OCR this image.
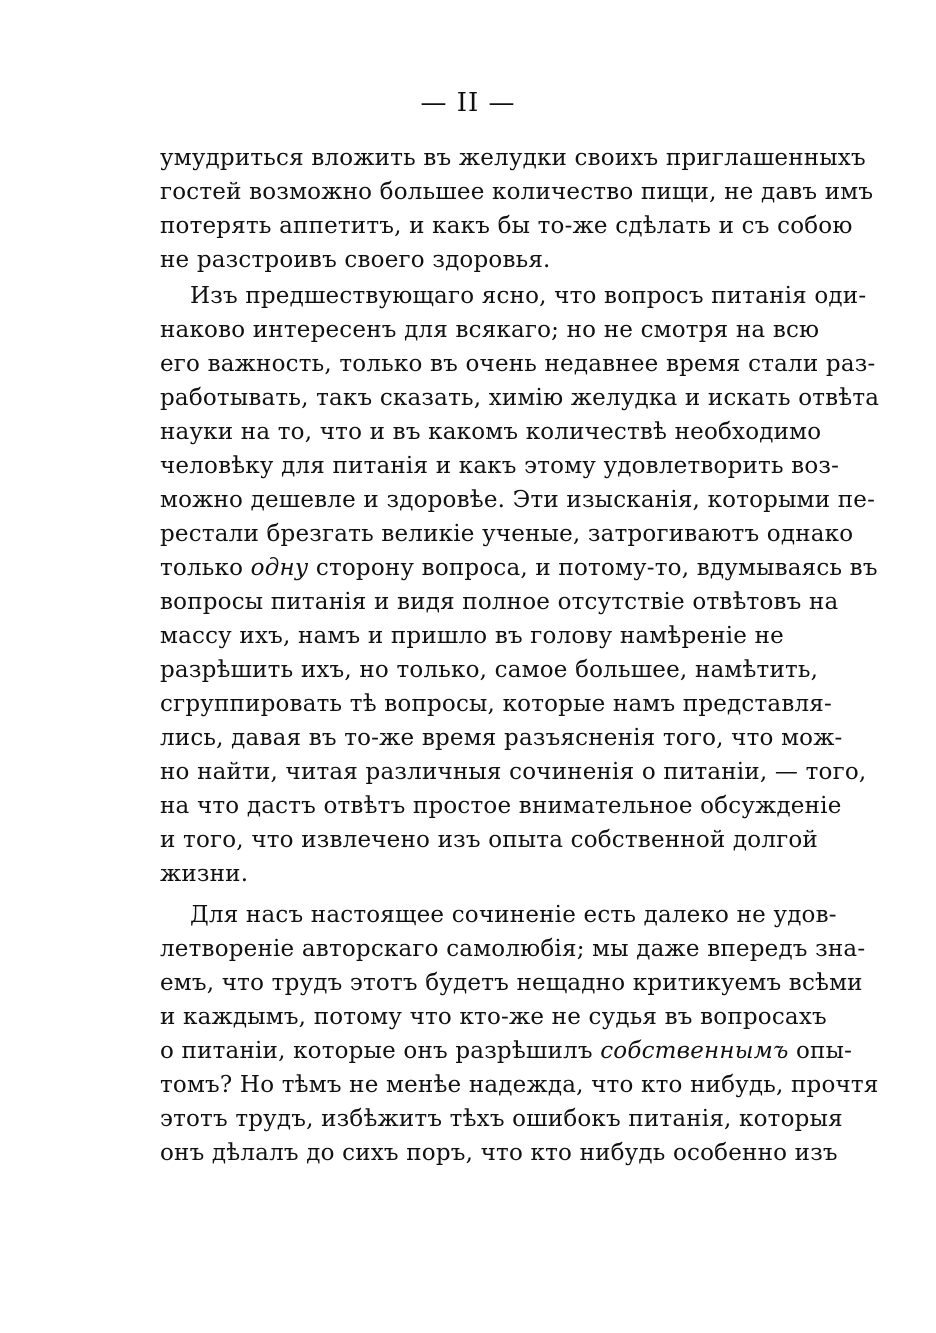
— II —
умудриться вложить въ желудки своихъ приглашенныхъ
гостей возможно большее количество пищи, не давъ имъ
потерять аппетитъ, и какъ бы то-же сдѣлать и съ собою
не разстроивъ своего здоровья.
Изъ предшествующаго ясно, что вопросъ питанія оди-
наково интересенъ для всякаго; но не смотря на всю
его важность, только въ очень недавнее время стали раз-
работывать, такъ сказать, химію желудка и искать отвѣта
науки на то, что и въ какомъ количествѣ необходимо
человѣку для питанія и какъ этому удовлетворить воз-
можно дешевле и здоровѣе. Эти изысканія, которыми пе-
рестали брезгать великіе ученые, затрогиваютъ однако
только одну сторону вопроса, и потому-то, вдумываясь въ
вопросы питанія и видя полное отсутствіе отвѣтовъ на
массу ихъ, намъ и пришло въ голову намѣреніе не
разрѣшить ихъ, но только, самое большее, намѣтить,
сгруппировать тѣ вопросы, которые намъ представля-
лись, давая въ то-же время разъясненія того, что мож-
но найти, читая различныя сочиненія о питаніи, — того,
на что дастъ отвѣтъ простое внимательное обсужденіе
и того, что извлечено изъ опыта собственной долгой
жизни.
Для насъ настоящее сочиненіе есть далеко не удов-
летвореніе авторскаго самолюбія; мы даже впередъ зна-
емъ, что трудъ этотъ будетъ нещадно критикуемъ всѣми
и каждымъ, потому что кто-же не судья въ вопросахъ
о питаніи, которые онъ разрѣшилъ собственнымъ опы-
томъ? Но тѣмъ не менѣе надежда, что кто нибудь, прочтя
этотъ трудъ, избѣжитъ тѣхъ ошибокъ питанія, которыя
онъ дѣлалъ до сихъ поръ, что кто нибудь особенно изъ
